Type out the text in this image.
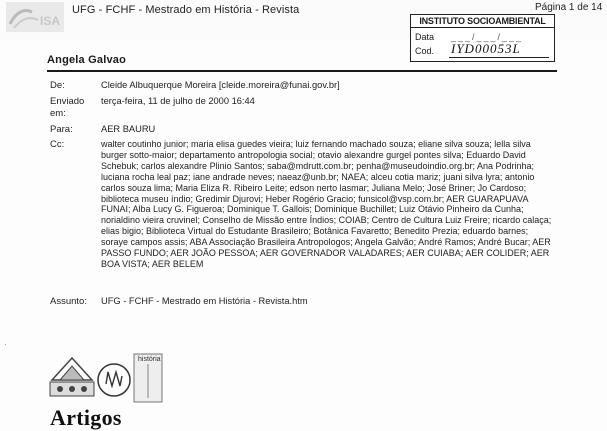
ISA
UFG - FCHF - Mestrado em História - Revista	Página 1 de 14
INSTITUTO SOCIOAMBIENTAL
Data ___/___/___
Cod. IYD00053L
Angela Galvao
De:	Cleide Albuquerque Moreira [cleide.moreira@funai.gov.br]
Enviado em:
terça-feira, 11 de julho de 2000 16:44
Para:	AER BAURU
Cc:	walter coutinho junior; maria elisa guedes vieira; luiz fernando machado souza; eliane silva souza; lella silva burger sotto-maior; departamento antropologia social; otavio alexandre gurgel pontes silva; Eduardo David Schebuk; carlos alexandre Plinio Santos; saba@mdrutt.com.br; penha@museudoindio.org.br; Ana Podrinha; luciana rocha leal paz; iane andrade neves; naeaz@unb.br; NAEA; alceu cotia mariz; juani silva lyra; antonio carlos souza lima; Maria Eliza R. Ribeiro Leite; edson nerto lasmar; Juliana Melo; José Briner; Jo Cardoso; biblioteca museu índio; Gredimir Djurovi; Heber Rogério Gracio; funsicol@vsp.com.br; AER GUARAPUAVA FUNAI; Alba Lucy G. Figueroa; Dominique T. Gallois; Dominique Buchillet; Luiz Otávio Pinheiro da Cunha; norialdino vieira cruvinel; Conselho de Missão entre Índios; COIAB; Centro de Cultura Luiz Freire; ricardo calaça; elias bigio; Biblioteca Virtual do Estudante Brasileiro; Botânica Favaretto; Benedito Prezia; eduardo barnes; soraye campos assis; ABA Associação Brasileira Antropologos; Angela Galvão; André Ramos; André Bucar; AER PASSO FUNDO; AER JOÃO PESSOA; AER GOVERNADOR VALADARES; AER CUIABA; AER COLIDER; AER BOA VISTA; AER BELEM
Assunto: UFG - FCHF - Mestrado em História - Revista.htm
·
história
Artigos
